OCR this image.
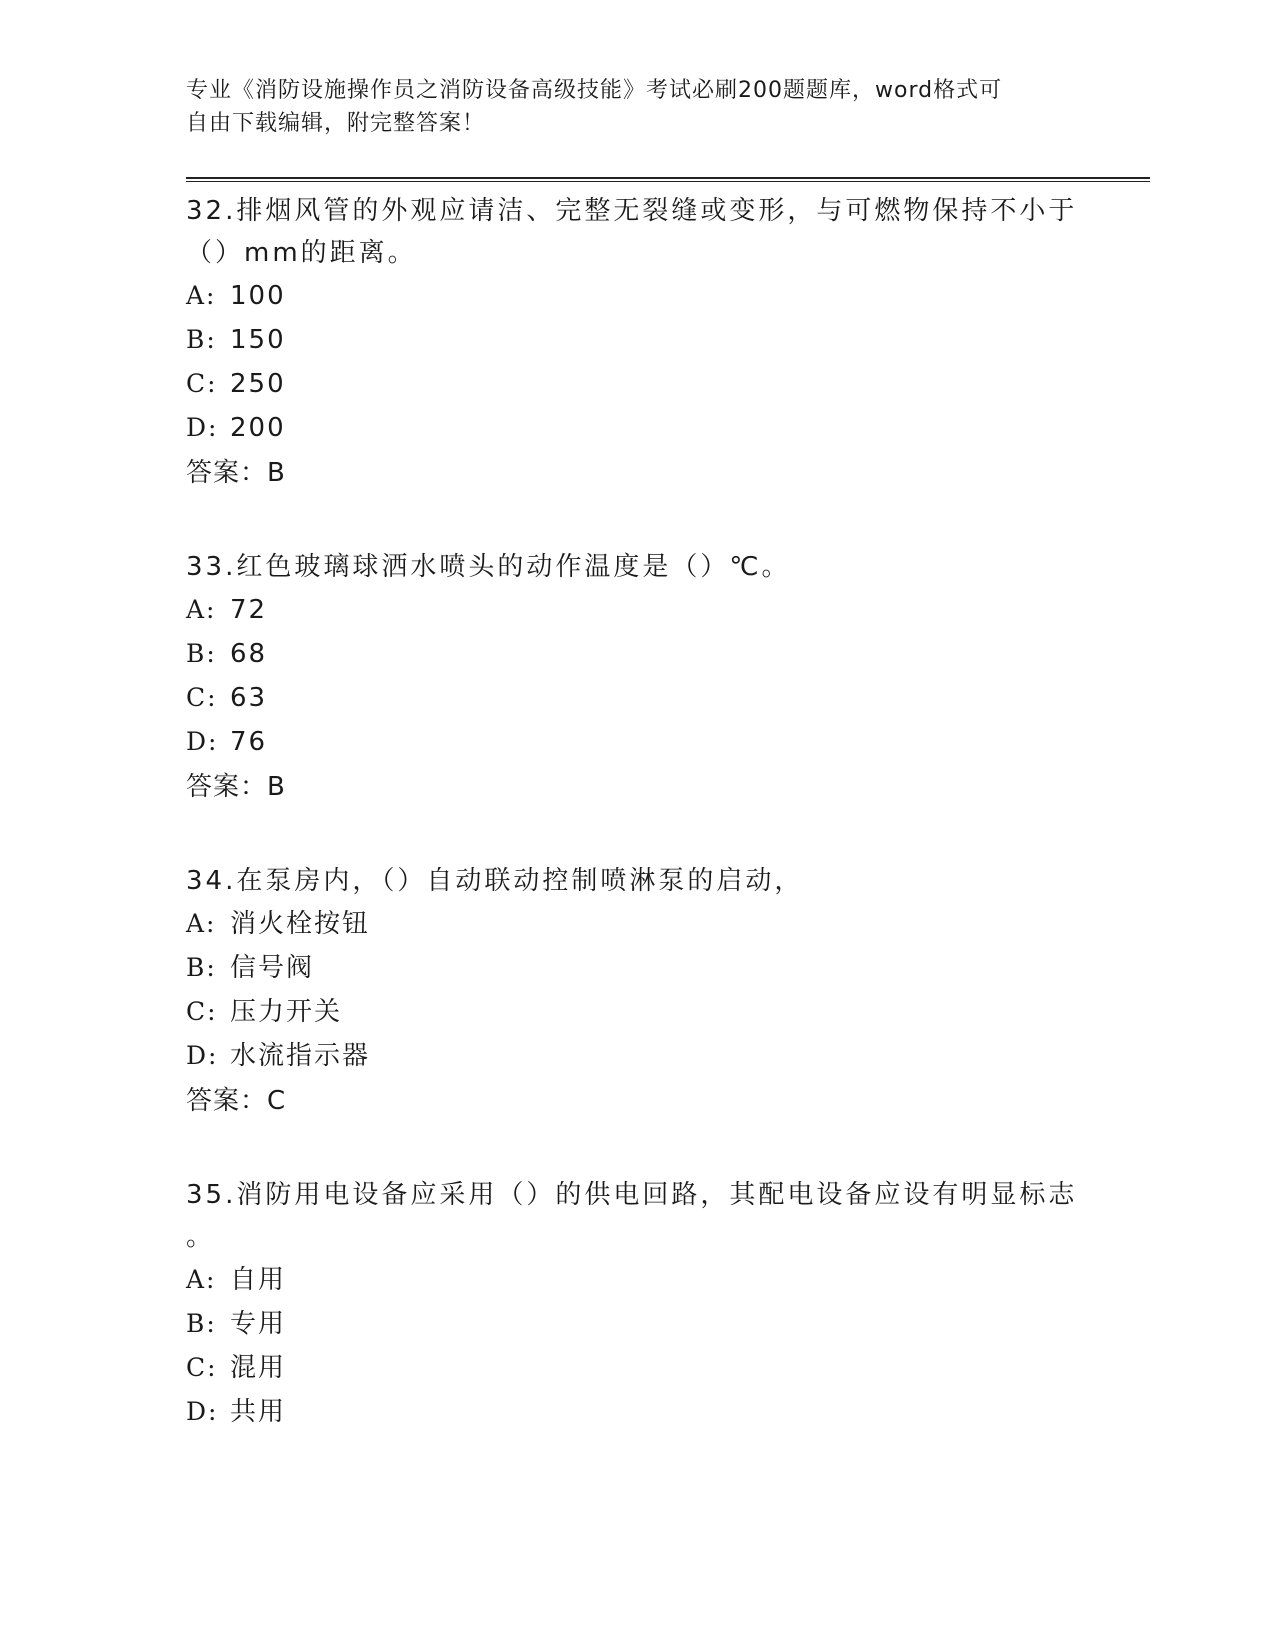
专业《消防设施操作员之消防设备高级技能》考试必刷200题题库，word格式可
自由下载编辑，附完整答案！
32.排烟风管的外观应请洁、完整无裂缝或变形，与可燃物保持不小于
（）mm的距离。
A: 100
B: 150
C: 250
D: 200
答案：B
33.红色玻璃球洒水喷头的动作温度是（）℃。
A: 72
B: 68
C: 63
D: 76
答案：B
34.在泵房内，（）自动联动控制喷淋泵的启动，
A: 消火栓按钮
B: 信号阀
C: 压力开关
D: 水流指示器
答案：C
35.消防用电设备应采用（）的供电回路，其配电设备应设有明显标志
。
A: 自用
B: 专用
C: 混用
D: 共用
